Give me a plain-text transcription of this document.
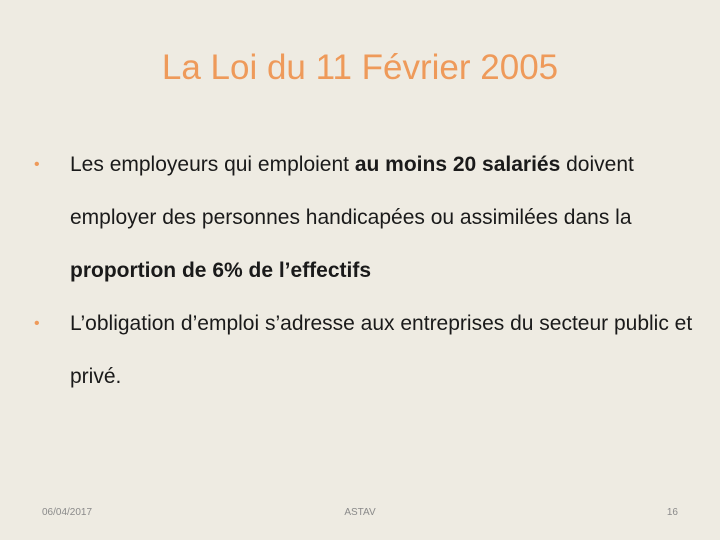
La Loi du 11 Février 2005
• Les employeurs qui emploient au moins 20 salariés doivent employer des personnes handicapées ou assimilées dans la proportion de 6% de l’effectifs
• L’obligation d’emploi s’adresse aux entreprises du secteur public et privé.
06/04/2017	ASTAV	16
